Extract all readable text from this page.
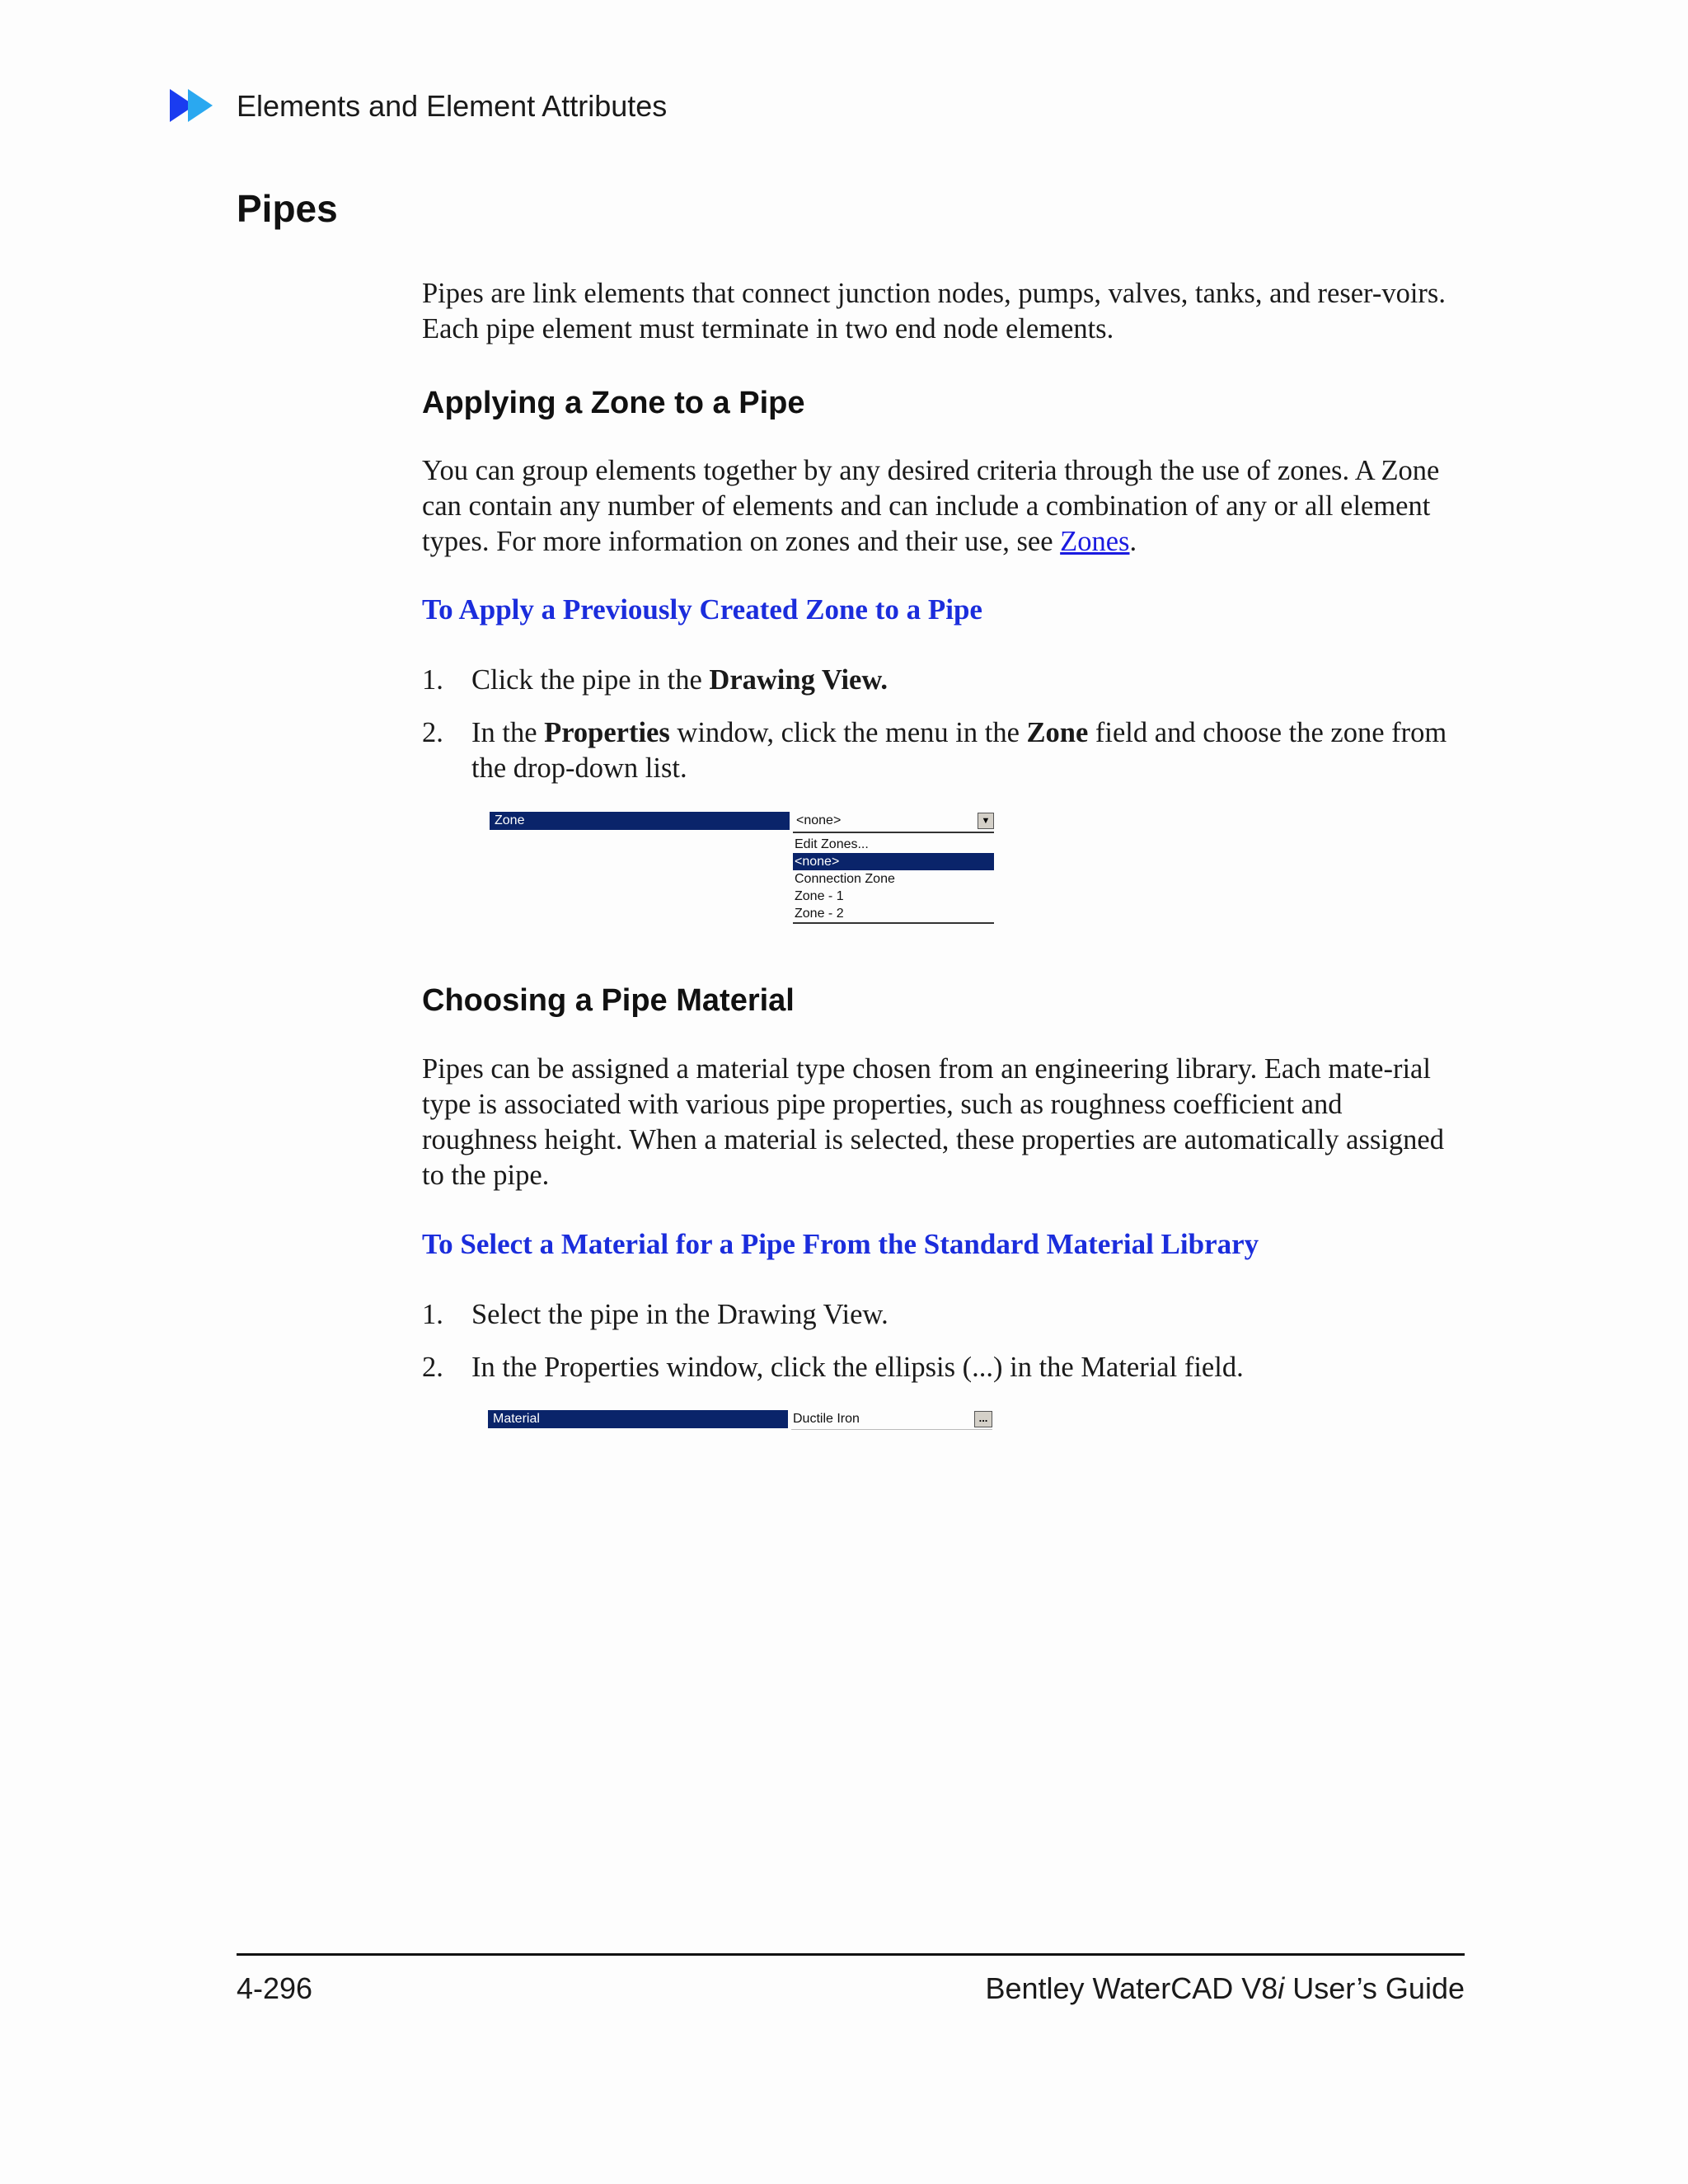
Elements and Element Attributes
Pipes

Pipes are link elements that connect junction nodes, pumps, valves, tanks, and reser-voirs. Each pipe element must terminate in two end node elements.

Applying a Zone to a Pipe

You can group elements together by any desired criteria through the use of zones. A Zone can contain any number of elements and can include a combination of any or all element types. For more information on zones and their use, see Zones.

To Apply a Previously Created Zone to a Pipe
1. Click the pipe in the Drawing View.
2. In the Properties window, click the menu in the Zone field and choose the zone from the drop-down list.
Zone	<none>	▼
Edit Zones...
<none>
Connection Zone
Zone - 1
Zone - 2
Choosing a Pipe Material

Pipes can be assigned a material type chosen from an engineering library. Each mate-rial type is associated with various pipe properties, such as roughness coefficient and roughness height. When a material is selected, these properties are automatically assigned to the pipe.

To Select a Material for a Pipe From the Standard Material Library
1. Select the pipe in the Drawing View.
2. In the Properties window, click the ellipsis (...) in the Material field.
Material	Ductile Iron	...
4-296	Bentley WaterCAD V8i User’s Guide
